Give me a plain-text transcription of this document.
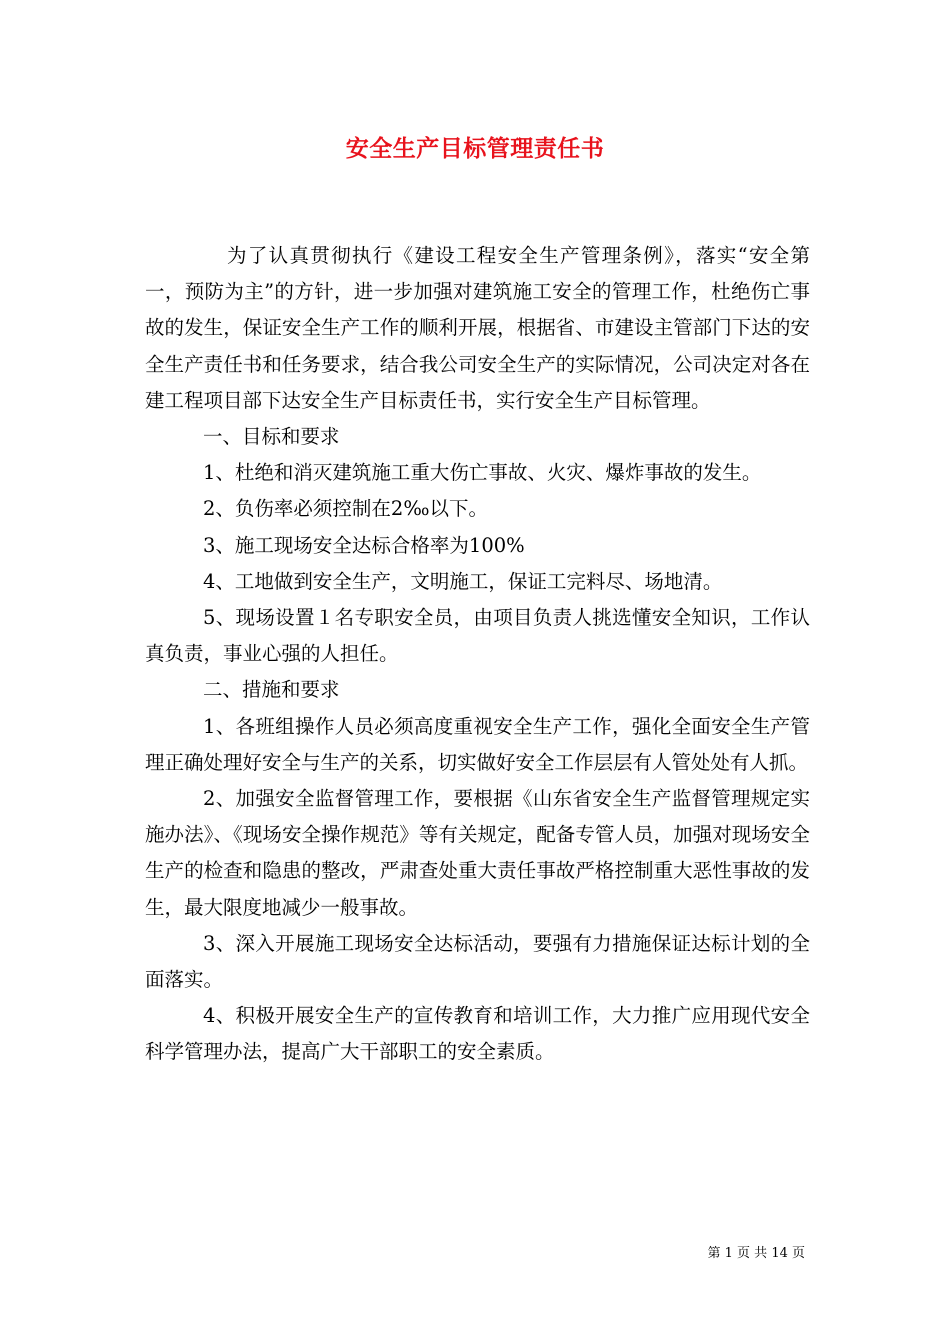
安全生产目标管理责任书

为了认真贯彻执行《建设工程安全生产管理条例》，落实“安全第一，预防为主”的方针，进一步加强对建筑施工安全的管理工作，杜绝伤亡事故的发生，保证安全生产工作的顺利开展，根据省、市建设主管部门下达的安全生产责任书和任务要求，结合我公司安全生产的实际情况，公司决定对各在建工程项目部下达安全生产目标责任书，实行安全生产目标管理。

一、目标和要求

1、杜绝和消灭建筑施工重大伤亡事故、火灾、爆炸事故的发生。

2、负伤率必须控制在2‰以下。

3、施工现场安全达标合格率为100%

4、工地做到安全生产，文明施工，保证工完料尽、场地清。

5、现场设置１名专职安全员，由项目负责人挑选懂安全知识，工作认真负责，事业心强的人担任。

二、措施和要求

1、各班组操作人员必须高度重视安全生产工作，强化全面安全生产管理正确处理好安全与生产的关系，切实做好安全工作层层有人管处处有人抓。

2、加强安全监督管理工作，要根据《山东省安全生产监督管理规定实施办法》、《现场安全操作规范》等有关规定，配备专管人员，加强对现场安全生产的检查和隐患的整改，严肃查处重大责任事故严格控制重大恶性事故的发生，最大限度地减少一般事故。

3、深入开展施工现场安全达标活动，要强有力措施保证达标计划的全面落实。

4、积极开展安全生产的宣传教育和培训工作，大力推广应用现代安全科学管理办法，提高广大干部职工的安全素质。

第 1 页 共 14 页
